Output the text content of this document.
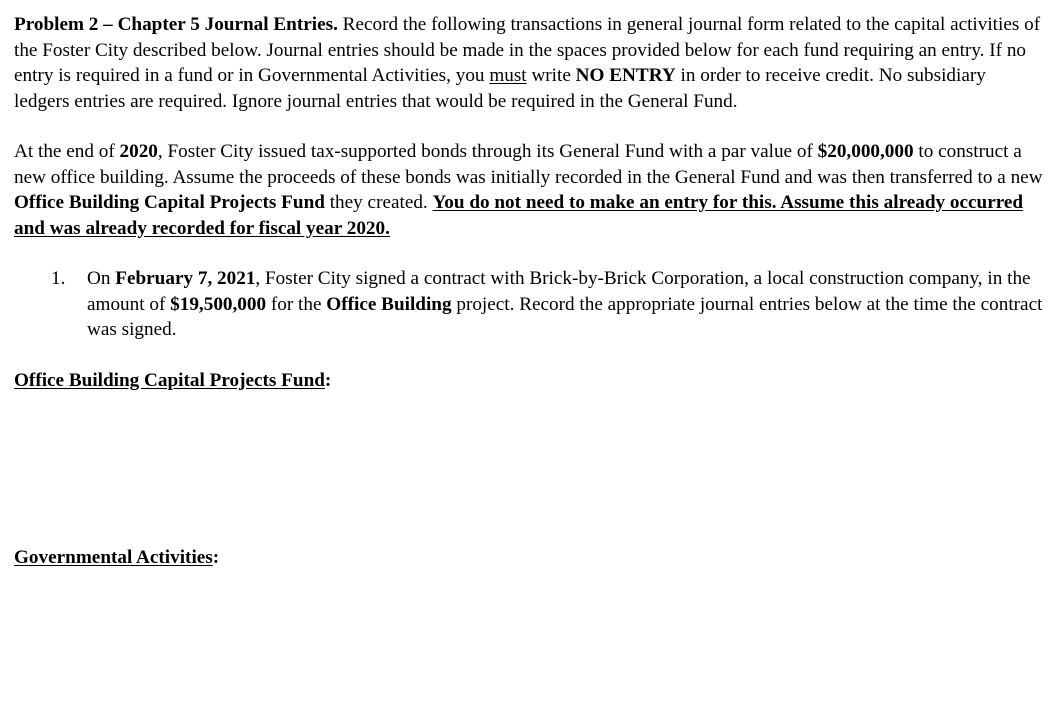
Problem 2 – Chapter 5 Journal Entries. Record the following transactions in general journal form related to the capital activities of the Foster City described below. Journal entries should be made in the spaces provided below for each fund requiring an entry. If no entry is required in a fund or in Governmental Activities, you must write NO ENTRY in order to receive credit. No subsidiary ledgers entries are required. Ignore journal entries that would be required in the General Fund.

At the end of 2020, Foster City issued tax-supported bonds through its General Fund with a par value of $20,000,000 to construct a new office building. Assume the proceeds of these bonds was initially recorded in the General Fund and was then transferred to a new Office Building Capital Projects Fund they created. You do not need to make an entry for this. Assume this already occurred and was already recorded for fiscal year 2020.

1.	On February 7, 2021, Foster City signed a contract with Brick-by-Brick Corporation, a local construction company, in the amount of $19,500,000 for the Office Building project. Record the appropriate journal entries below at the time the contract was signed.

Office Building Capital Projects Fund:

Governmental Activities:
